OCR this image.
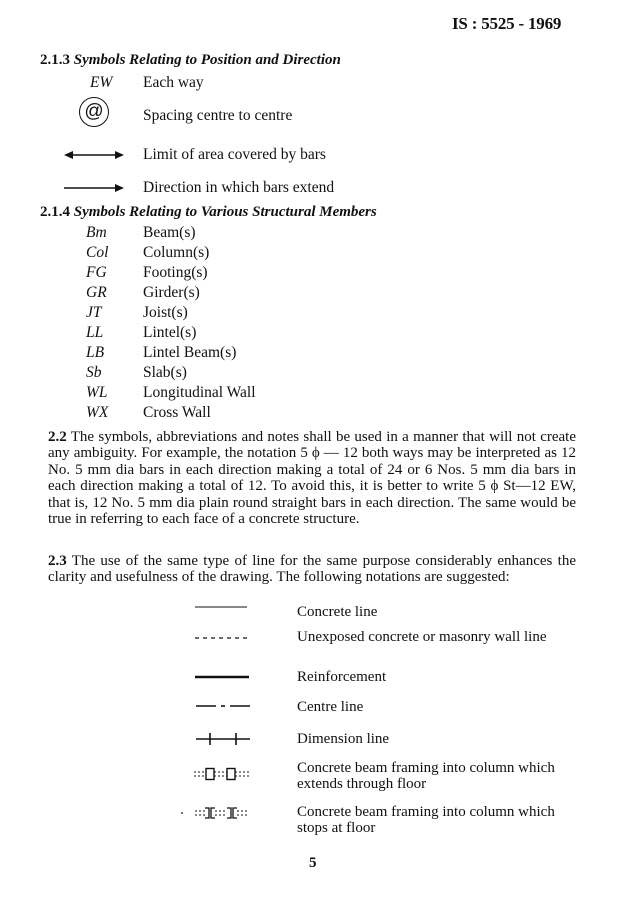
IS : 5525 - 1969
2.1.3 Symbols Relating to Position and Direction
EW Each way
@	Spacing centre to centre
Limit of area covered by bars
Direction in which bars extend
2.1.4 Symbols Relating to Various Structural Members
Bm Beam(s)
Col Column(s)
FG Footing(s)
GR Girder(s)
JT	Joist(s)
LL	Lintel(s)
LB	Lintel Beam(s)
Sb	Slab(s)
WL Longitudinal Wall
WX Cross Wall

2.2 The symbols, abbreviations and notes shall be used in a manner that will not create any ambiguity. For example, the notation 5 ϕ — 12 both ways may be interpreted as 12 No. 5 mm dia bars in each direction making a total of 24 or 6 Nos. 5 mm dia bars in each direction making a total of 12. To avoid this, it is better to write 5 ϕ St—12 EW, that is, 12 No. 5 mm dia plain round straight bars in each direction. The same would be true in referring to each face of a concrete structure.

2.3 The use of the same type of line for the same purpose considerably enhances the clarity and usefulness of the drawing. The following notations are suggested:

Concrete line
Unexposed concrete or masonry wall line
Reinforcement
Centre line
Dimension line
Concrete beam framing into column which extends through floor
Concrete beam framing into column which stops at floor
5
